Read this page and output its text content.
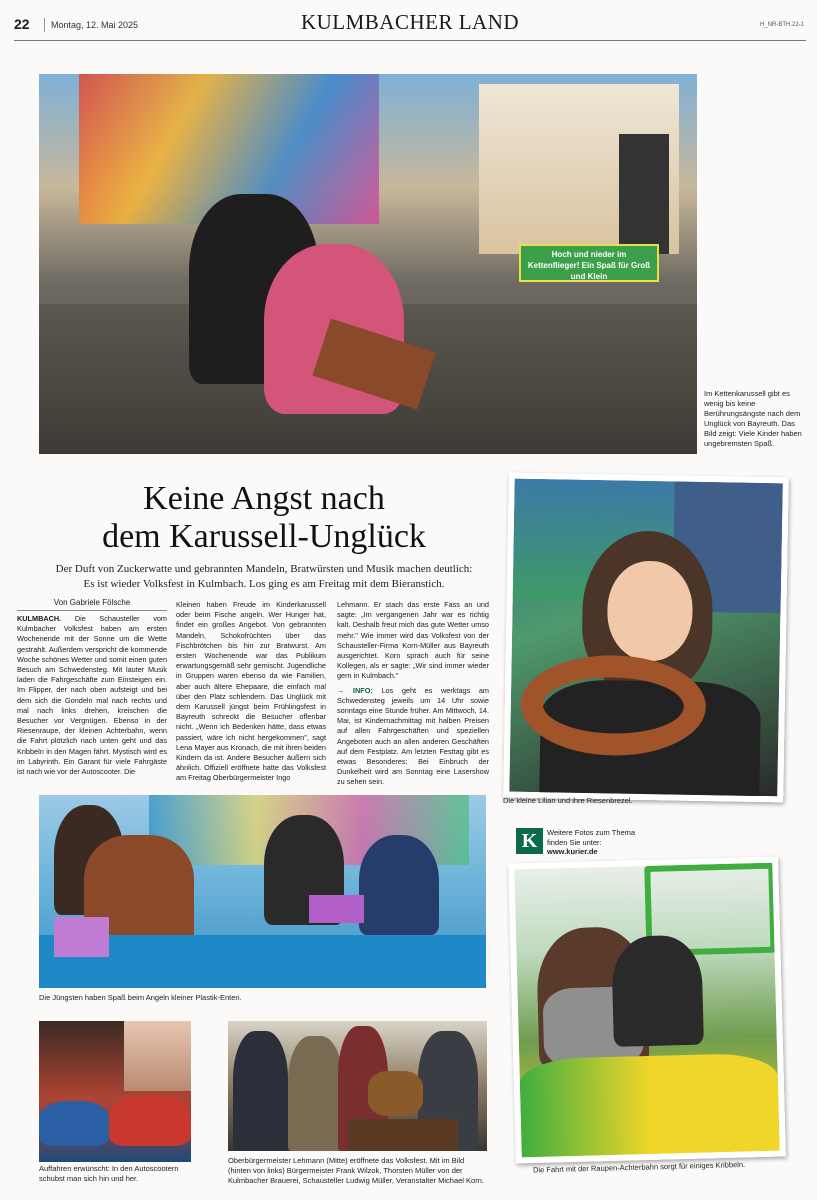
22 Montag, 12. Mai 2025	KULMBACHER LAND	H_NR-BTH.22-1
Hoch und nieder im Kettenflieger! Ein Spaß für Groß und Klein
Im Kettenkarussell gibt es wenig bis keine Berührungsängste nach dem Unglück von Bayreuth. Das Bild zeigt: Viele Kinder haben ungebremsten Spaß.
Keine Angst nach
dem Karussell-Unglück
Der Duft von Zuckerwatte und gebrannten Mandeln, Bratwürsten und Musik machen deutlich:
Es ist wieder Volksfest in Kulmbach. Los ging es am Freitag mit dem Bieranstich.
Von Gabriele Fölsche
KULMBACH. Die Schausteller vom Kulmbacher Volksfest haben am ersten Wochenende mit der Sonne um die Wette gestrahlt. Außerdem verspricht die kommende Woche schönes Wetter und somit einen guten Besuch am Schwedensteg. Mit lauter Musik laden die Fahrgeschäfte zum Einsteigen ein. Im Flipper, der nach oben aufsteigt und bei dem sich die Gondeln mal nach rechts und mal nach links drehen, kreischen die Besucher vor Vergnügen. Ebenso in der Riesenraupe, der kleinen Achterbahn, wenn die Fahrt plötzlich nach unten geht und das Kribbeln in den Magen fährt. Mystisch wird es im Labyrinth. Ein Garant für viele Fahrgäste ist nach wie vor der Autoscooter. Die
Kleinen haben Freude im Kinderkarussell oder beim Fische angeln. Wer Hunger hat, findet ein großes Angebot. Von gebrannten Mandeln, Schokofrüchten über das Fischbrötchen bis hin zur Bratwurst. Am ersten Wochenende war das Publikum erwartungsgemäß sehr gemischt. Jugendliche in Gruppen waren ebenso da wie Familien, aber auch ältere Ehepaare, die einfach mal über den Platz schlendern. Das Unglück mit dem Karussell jüngst beim Frühlingsfest in Bayreuth schreckt die Besucher offenbar nicht. „Wenn ich Bedenken hätte, dass etwas passiert, wäre ich nicht hergekommen", sagt Lena Mayer aus Kronach, die mit ihren beiden Kindern da ist. Andere Besucher äußern sich ähnlich. Offiziell eröffnete hatte das Volksfest am Freitag Oberbürgermeister Ingo
Lehmann. Er stach das erste Fass an und sagte: „Im vergangenen Jahr war es richtig kalt. Deshalb freut mich das gute Wetter umso mehr." Wie immer wird das Volksfest von der Schausteller-Firma Korn-Müller aus Bayreuth ausgerichtet. Korn sprach auch für seine Kollegen, als er sagte: „Wir sind immer wieder gern in Kulmbach."
→ INFO: Los geht es werktags am Schwedensteg jeweils um 14 Uhr sowie sonntags eine Stunde früher. Am Mittwoch, 14. Mai, ist Kindernachmittag mit halben Preisen auf allen Fahrgeschäften und speziellen Angeboten auch an allen anderen Geschäften auf dem Festplatz. Am letzten Festtag gibt es etwas Besonderes: Bei Einbruch der Dunkelheit wird am Sonntag eine Lasershow zu sehen sein.
Die kleine Lilian und ihre Riesenbrezel.
Die Jüngsten haben Spaß beim Angeln kleiner Plastik-Enten.
K	Weitere Fotos zum Thema
finden Sie unter:
www.kurier.de
Die Fahrt mit der Raupen-Achterbahn sorgt für einiges Kribbeln.
Auffahren erwünscht: In den Autoscootern schubst man sich hin und her.
Oberbürgermeister Lehmann (Mitte) eröffnete das Volksfest. Mit im Bild (hinten von links) Bürgermeister Frank Wilzok, Thorsten Müller von der Kulmbacher Brauerei, Schausteller Ludwig Müller, Veranstalter Michael Korn.
